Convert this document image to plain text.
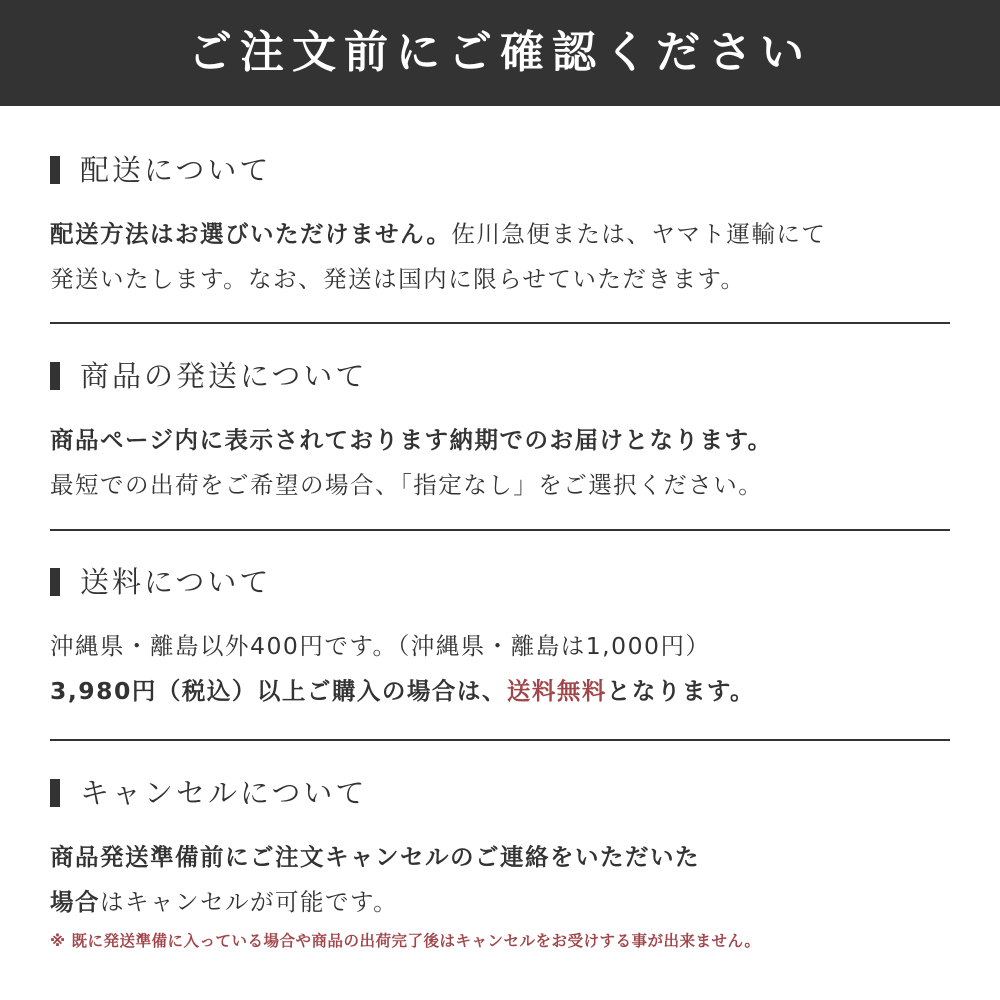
ご注文前にご確認ください
配送について
配送方法はお選びいただけません。佐川急便または、ヤマト運輸にて
発送いたします。なお、発送は国内に限らせていただきます。
商品の発送について
商品ページ内に表示されております納期でのお届けとなります。
最短での出荷をご希望の場合、「指定なし」をご選択ください。
送料について
沖縄県・離島以外400円です。（沖縄県・離島は1,000円）
3,980円（税込）以上ご購入の場合は、送料無料となります。
キャンセルについて
商品発送準備前にご注文キャンセルのご連絡をいただいた
場合はキャンセルが可能です。
※ 既に発送準備に入っている場合や商品の出荷完了後はキャンセルをお受けする事が出来ません。
